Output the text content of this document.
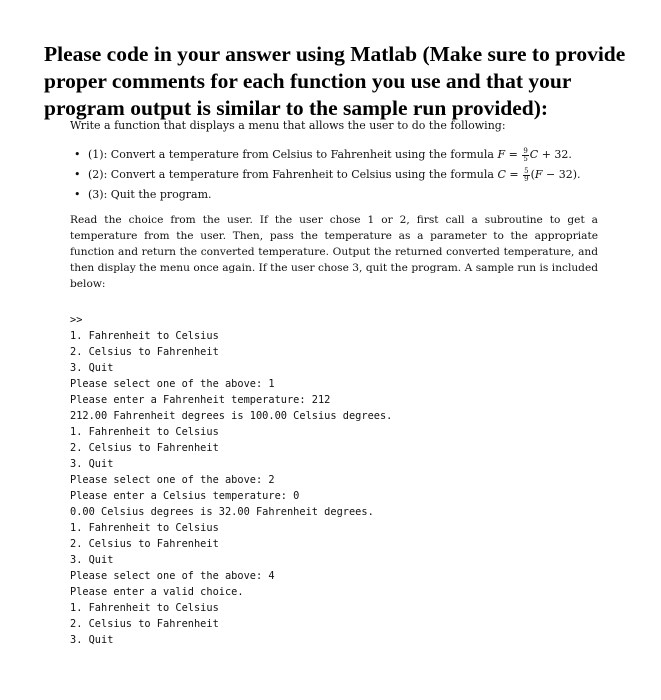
Please code in your answer using Matlab (Make sure to provide proper comments for each function you use and that your program output is similar to the sample run provided):

Write a function that displays a menu that allows the user to do the following:

• (1): Convert a temperature from Celsius to Fahrenheit using the formula $F = \frac{9}{5}$ C + 32.
• (2): Convert a temperature from Fahrenheit to Celsius using the formula $C = \frac{5}{9} (F - 32)$.
• (3): Quit the program.

Read the choice from the user. If the user chose 1 or 2, first call a subroutine to get a temperature from the user. Then, pass the temperature as a parameter to the appropriate function and return the converted temperature. Output the returned converted temperature, and then display the menu once again. If the user chose 3, quit the program. A sample run is included below:

>>
1. Fahrenheit to Celsius
2. Celsius to Fahrenheit
3. Quit
Please select one of the above: 1
Please enter a Fahrenheit temperature: 212
212.00 Fahrenheit degrees is 100.00 Celsius degrees.
1. Fahrenheit to Celsius
2. Celsius to Fahrenheit
3. Quit
Please select one of the above: 2
Please enter a Celsius temperature: 0
0.00 Celsius degrees is 32.00 Fahrenheit degrees.
1. Fahrenheit to Celsius
2. Celsius to Fahrenheit
3. Quit
Please select one of the above: 4
Please enter a valid choice.
1. Fahrenheit to Celsius
2. Celsius to Fahrenheit
3. Quit
